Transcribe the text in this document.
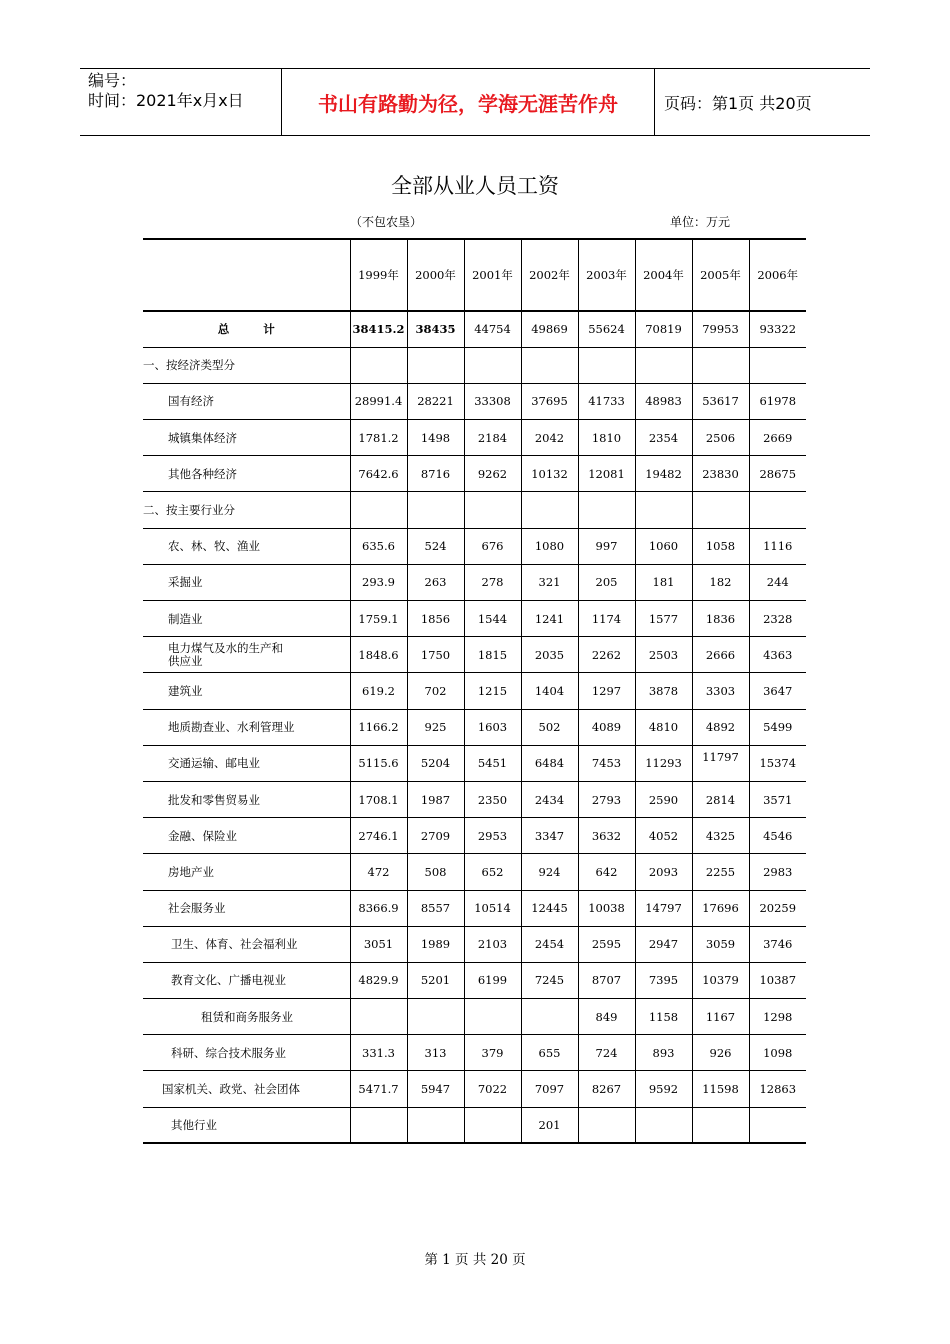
编号：
时间：2021年x月x日	书山有路勤为径，学海无涯苦作舟	页码：第1页 共20页
全部从业人员工资
（不包农垦）	单位：万元
	1999年	2000年	2001年	2002年	2003年	2004年	2005年	2006年
总 计	38415.2	38435	44754	49869	55624	70819	79953	93322
一、按经济类型分								
国有经济	28991.4	28221	33308	37695	41733	48983	53617	61978
城镇集体经济	1781.2	1498	2184	2042	1810	2354	2506	2669
其他各种经济	7642.6	8716	9262	10132	12081	19482	23830	28675
二、按主要行业分								
农、林、牧、渔业	635.6	524	676	1080	997	1060	1058	1116
采掘业	293.9	263	278	321	205	181	182	244
制造业	1759.1	1856	1544	1241	1174	1577	1836	2328

电力煤气及水的生产和
供应业	1848.6	1750	1815	2035	2262	2503	2666	4363
建筑业	619.2	702	1215	1404	1297	3878	3303	3647
地质勘查业、水利管理业	1166.2	925	1603	502	4089	4810	4892	5499
交通运输、邮电业	5115.6	5204	5451	6484	7453	11293	11797	15374
批发和零售贸易业	1708.1	1987	2350	2434	2793	2590	2814	3571
金融、保险业	2746.1	2709	2953	3347	3632	4052	4325	4546
房地产业	472	508	652	924	642	2093	2255	2983
社会服务业	8366.9	8557	10514	12445	10038	14797	17696	20259
卫生、体育、社会福利业	3051	1989	2103	2454	2595	2947	3059	3746
教育文化、广播电视业	4829.9	5201	6199	7245	8707	7395	10379	10387
租赁和商务服务业					849	1158	1167	1298
科研、综合技术服务业	331.3	313	379	655	724	893	926	1098
国家机关、政党、社会团体	5471.7	5947	7022	7097	8267	9592	11598	12863
其他行业				201				
第 1 页 共 20 页
